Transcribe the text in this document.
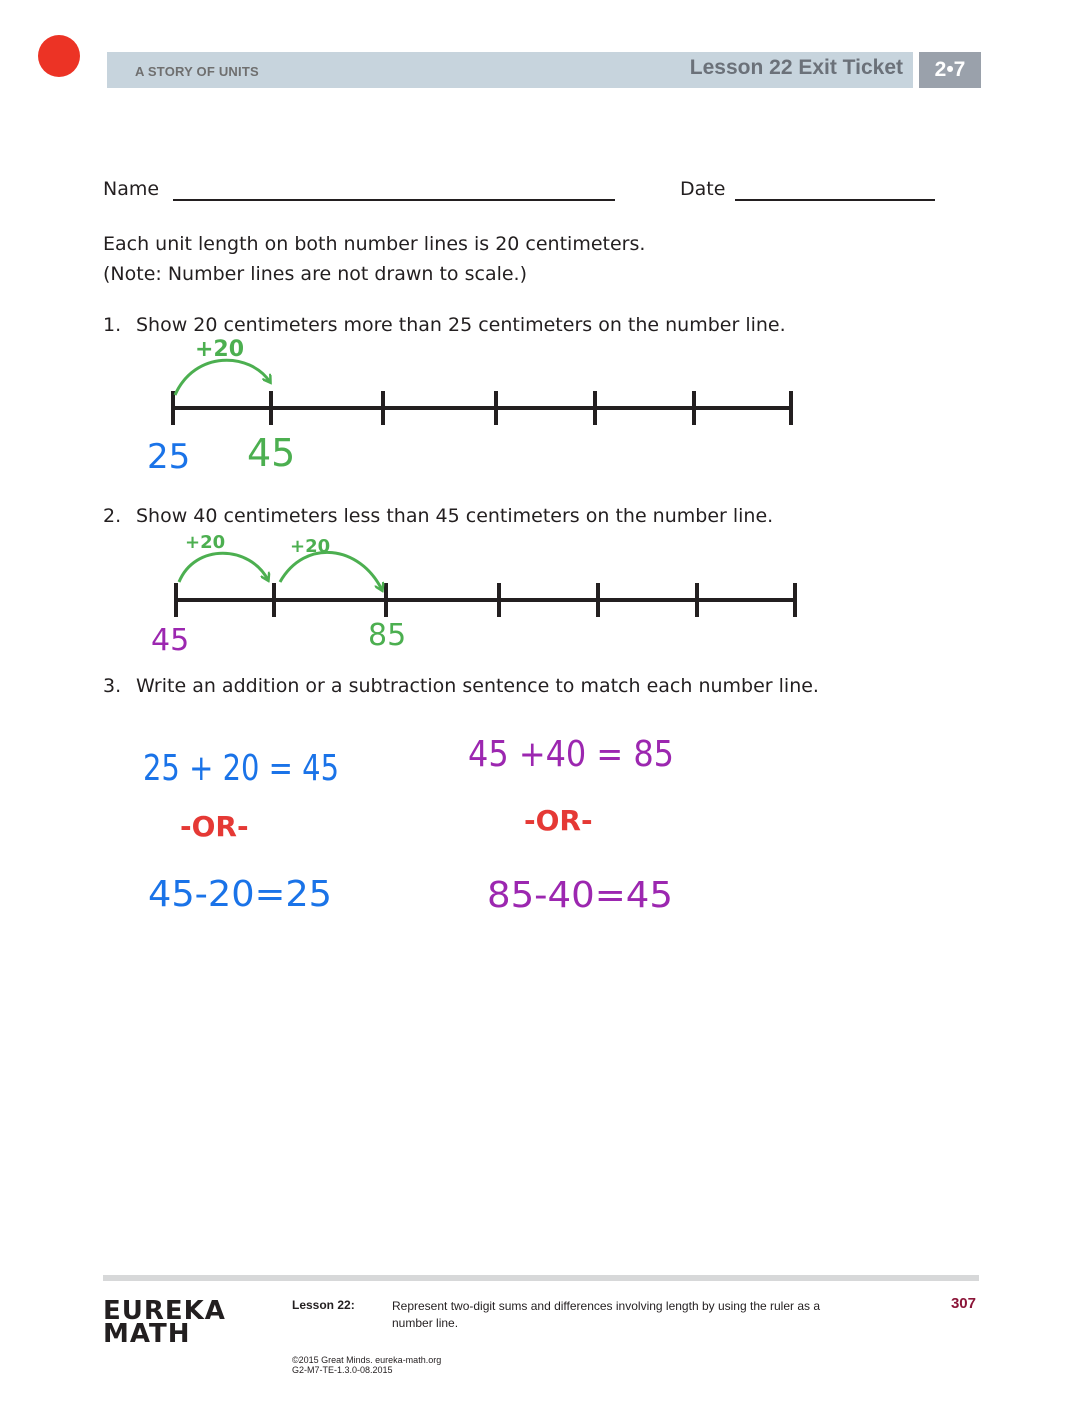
A STORY OF UNITS	Lesson 22 Exit Ticket	2•7
Name	Date
Each unit length on both number lines is 20 centimeters.
(Note: Number lines are not drawn to scale.)
1. Show 20 centimeters more than 25 centimeters on the number line.
2. Show 40 centimeters less than 45 centimeters on the number line.
3. Write an addition or a subtraction sentence to match each number line.
+20
25 45
+20	+20
45	85
25 + 20 = 45
-OR-
45-20=25
45 +40 = 85
-OR-
85-40=45
EUREKA
MATH
Lesson 22:	Represent two-digit sums and differences involving length by using the ruler as a number line.
307
©2015 Great Minds. eureka-math.org
G2-M7-TE-1.3.0-08.2015
